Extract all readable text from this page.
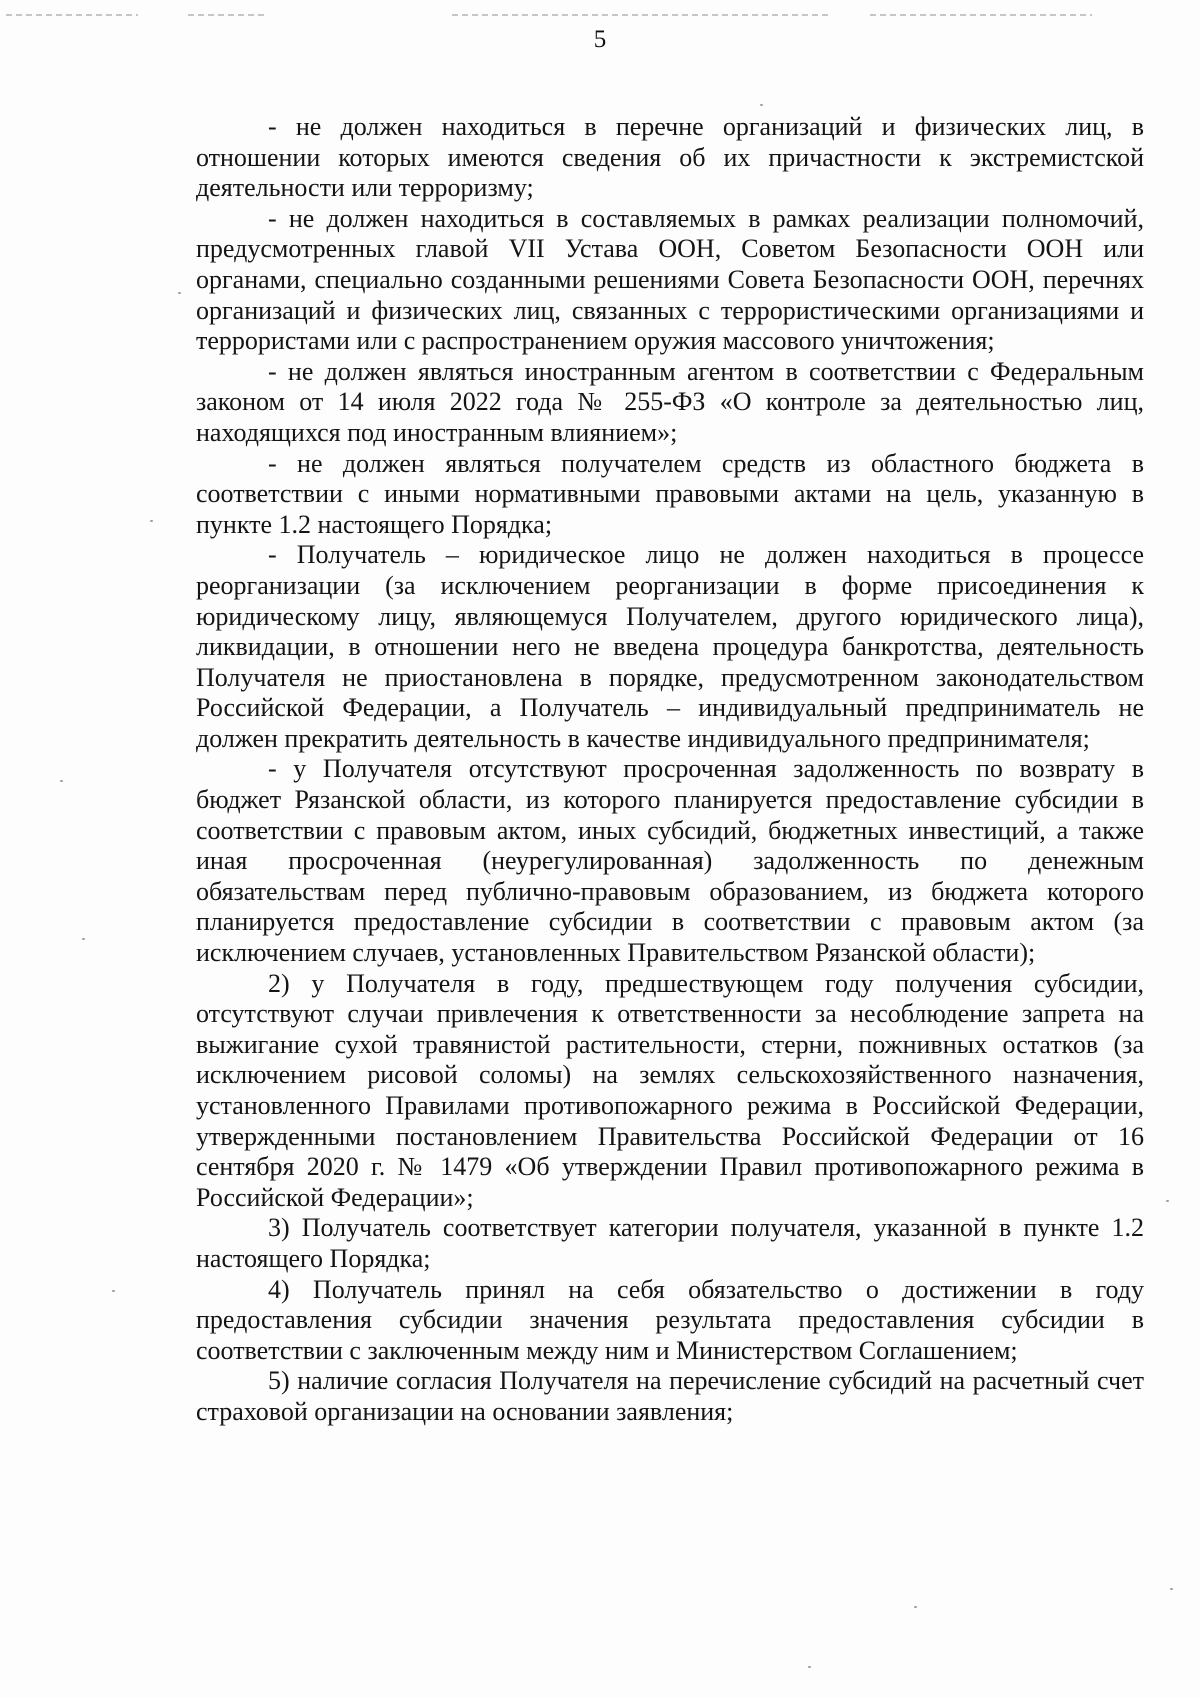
5

- не должен находиться в перечне организаций и физических лиц, в отношении которых имеются сведения об их причастности к экстремистской деятельности или терроризму;

- не должен находиться в составляемых в рамках реализации полномочий, предусмотренных главой VII Устава ООН, Советом Безопасности ООН или органами, специально созданными решениями Совета Безопасности ООН, перечнях организаций и физических лиц, связанных с террористическими организациями и террористами или с распространением оружия массового уничтожения;

- не должен являться иностранным агентом в соответствии с Федеральным законом от 14 июля 2022 года № 255-ФЗ «О контроле за деятельностью лиц, находящихся под иностранным влиянием»;

- не должен являться получателем средств из областного бюджета в соответствии с иными нормативными правовыми актами на цель, указанную в пункте 1.2 настоящего Порядка;

- Получатель – юридическое лицо не должен находиться в процессе реорганизации (за исключением реорганизации в форме присоединения к юридическому лицу, являющемуся Получателем, другого юридического лица), ликвидации, в отношении него не введена процедура банкротства, деятельность Получателя не приостановлена в порядке, предусмотренном законодательством Российской Федерации, а Получатель – индивидуальный предприниматель не должен прекратить деятельность в качестве индивидуального предпринимателя;

- у Получателя отсутствуют просроченная задолженность по возврату в бюджет Рязанской области, из которого планируется предоставление субсидии в соответствии с правовым актом, иных субсидий, бюджетных инвестиций, а также иная просроченная (неурегулированная) задолженность по денежным обязательствам перед публично-правовым образованием, из бюджета которого планируется предоставление субсидии в соответствии с правовым актом (за исключением случаев, установленных Правительством Рязанской области);

2) у Получателя в году, предшествующем году получения субсидии, отсутствуют случаи привлечения к ответственности за несоблюдение запрета на выжигание сухой травянистой растительности, стерни, пожнивных остатков (за исключением рисовой соломы) на землях сельскохозяйственного назначения, установленного Правилами противопожарного режима в Российской Федерации, утвержденными постановлением Правительства Российской Федерации от 16 сентября 2020 г. № 1479 «Об утверждении Правил противопожарного режима в Российской Федерации»;

3) Получатель соответствует категории получателя, указанной в пункте 1.2 настоящего Порядка;

4) Получатель принял на себя обязательство о достижении в году предоставления субсидии значения результата предоставления субсидии в соответствии с заключенным между ним и Министерством Соглашением;

5) наличие согласия Получателя на перечисление субсидий на расчетный счет страховой организации на основании заявления;
